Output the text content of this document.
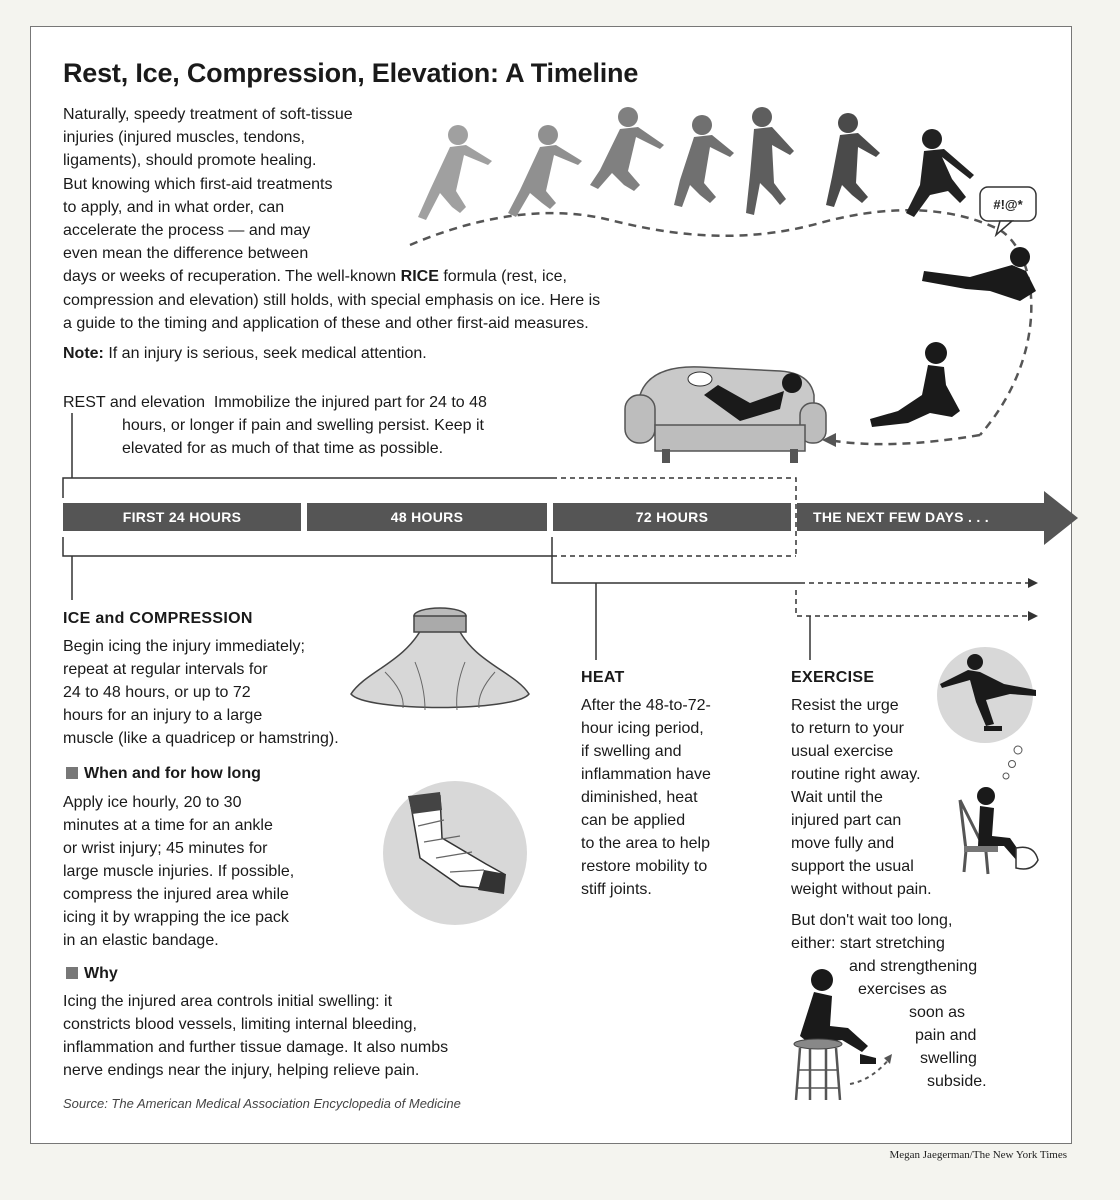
Rest, Ice, Compression, Elevation: A Timeline
Naturally, speedy treatment of soft-tissue
injuries (injured muscles, tendons,
ligaments), should promote healing.
But knowing which first-aid treatments
to apply, and in what order, can
accelerate the process — and may
even mean the difference between
days or weeks of recuperation. The well-known RICE formula (rest, ice,
compression and elevation) still holds, with special emphasis on ice. Here is
a guide to the timing and application of these and other first-aid measures.
Note: If an injury is serious, seek medical attention.
#!@*
REST and elevation Immobilize the injured part for 24 to 48
hours, or longer if pain and swelling persist. Keep it
elevated for as much of that time as possible.
FIRST 24 HOURS	48 HOURS	72 HOURS	THE NEXT FEW DAYS . . .
ICE and COMPRESSION
Begin icing the injury immediately;
repeat at regular intervals for
24 to 48 hours, or up to 72
hours for an injury to a large
muscle (like a quadricep or hamstring).
When and for how long
Apply ice hourly, 20 to 30
minutes at a time for an ankle
or wrist injury; 45 minutes for
large muscle injuries. If possible,
compress the injured area while
icing it by wrapping the ice pack
in an elastic bandage.
Why
Icing the injured area controls initial swelling: it
constricts blood vessels, limiting internal bleeding,
inflammation and further tissue damage. It also numbs
nerve endings near the injury, helping relieve pain.
HEAT
After the 48-to-72-
hour icing period,
if swelling and
inflammation have
diminished, heat
can be applied
to the area to help
restore mobility to
stiff joints.
EXERCISE
Resist the urge
to return to your
usual exercise
routine right away.
Wait until the
injured part can
move fully and
support the usual
weight without pain.
But don't wait too long,
either: start stretching
and strengthening
exercises as
soon as
pain and
swelling
subside.
Source: The American Medical Association Encyclopedia of Medicine
Megan Jaegerman/The New York Times
